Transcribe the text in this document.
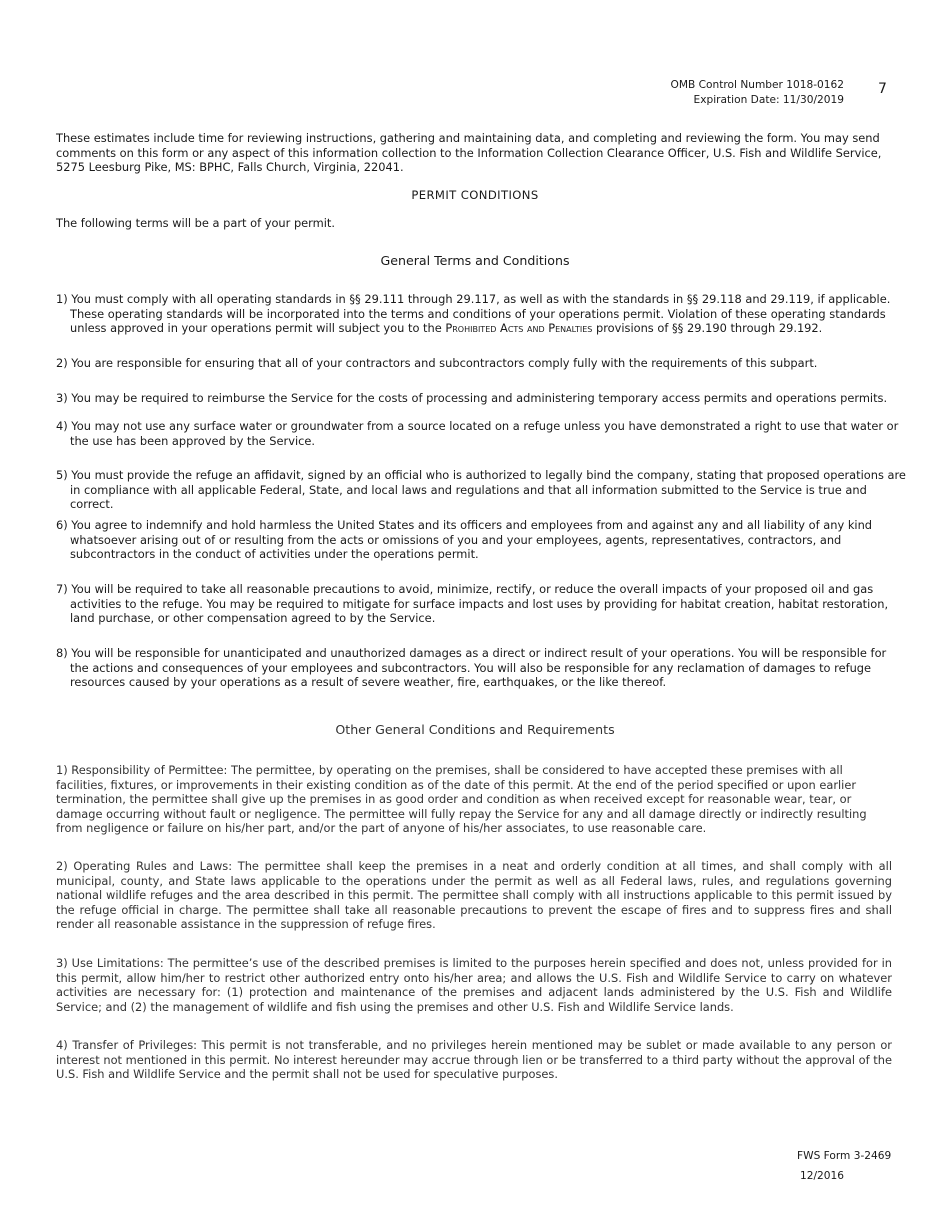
OMB Control Number 1018-0162
Expiration Date: 11/30/2019
7
These estimates include time for reviewing instructions, gathering and maintaining data, and completing and reviewing the form. You may send comments on this form or any aspect of this information collection to the Information Collection Clearance Officer, U.S. Fish and Wildlife Service, 5275 Leesburg Pike, MS: BPHC, Falls Church, Virginia, 22041.
PERMIT CONDITIONS
The following terms will be a part of your permit.
General Terms and Conditions
1) You must comply with all operating standards in §§ 29.111 through 29.117, as well as with the standards in §§ 29.118 and 29.119, if applicable. These operating standards will be incorporated into the terms and conditions of your operations permit. Violation of these operating standards unless approved in your operations permit will subject you to the Prohibited Acts and Penalties provisions of §§ 29.190 through 29.192.
2) You are responsible for ensuring that all of your contractors and subcontractors comply fully with the requirements of this subpart.
3) You may be required to reimburse the Service for the costs of processing and administering temporary access permits and operations permits.
4) You may not use any surface water or groundwater from a source located on a refuge unless you have demonstrated a right to use that water or the use has been approved by the Service.
5) You must provide the refuge an affidavit, signed by an official who is authorized to legally bind the company, stating that proposed operations are in compliance with all applicable Federal, State, and local laws and regulations and that all information submitted to the Service is true and correct.
6) You agree to indemnify and hold harmless the United States and its officers and employees from and against any and all liability of any kind whatsoever arising out of or resulting from the acts or omissions of you and your employees, agents, representatives, contractors, and subcontractors in the conduct of activities under the operations permit.
7) You will be required to take all reasonable precautions to avoid, minimize, rectify, or reduce the overall impacts of your proposed oil and gas activities to the refuge. You may be required to mitigate for surface impacts and lost uses by providing for habitat creation, habitat restoration, land purchase, or other compensation agreed to by the Service.
8) You will be responsible for unanticipated and unauthorized damages as a direct or indirect result of your operations. You will be responsible for the actions and consequences of your employees and subcontractors. You will also be responsible for any reclamation of damages to refuge resources caused by your operations as a result of severe weather, fire, earthquakes, or the like thereof.
Other General Conditions and Requirements
1) Responsibility of Permittee: The permittee, by operating on the premises, shall be considered to have accepted these premises with all facilities, fixtures, or improvements in their existing condition as of the date of this permit. At the end of the period specified or upon earlier termination, the permittee shall give up the premises in as good order and condition as when received except for reasonable wear, tear, or damage occurring without fault or negligence. The permittee will fully repay the Service for any and all damage directly or indirectly resulting from negligence or failure on his/her part, and/or the part of anyone of his/her associates, to use reasonable care.
2) Operating Rules and Laws: The permittee shall keep the premises in a neat and orderly condition at all times, and shall comply with all municipal, county, and State laws applicable to the operations under the permit as well as all Federal laws, rules, and regulations governing national wildlife refuges and the area described in this permit. The permittee shall comply with all instructions applicable to this permit issued by the refuge official in charge. The permittee shall take all reasonable precautions to prevent the escape of fires and to suppress fires and shall render all reasonable assistance in the suppression of refuge fires.
3) Use Limitations: The permittee’s use of the described premises is limited to the purposes herein specified and does not, unless provided for in this permit, allow him/her to restrict other authorized entry onto his/her area; and allows the U.S. Fish and Wildlife Service to carry on whatever activities are necessary for: (1) protection and maintenance of the premises and adjacent lands administered by the U.S. Fish and Wildlife Service; and (2) the management of wildlife and fish using the premises and other U.S. Fish and Wildlife Service lands.
4) Transfer of Privileges: This permit is not transferable, and no privileges herein mentioned may be sublet or made available to any person or interest not mentioned in this permit. No interest hereunder may accrue through lien or be transferred to a third party without the approval of the U.S. Fish and Wildlife Service and the permit shall not be used for speculative purposes.
FWS Form 3-2469
12/2016
